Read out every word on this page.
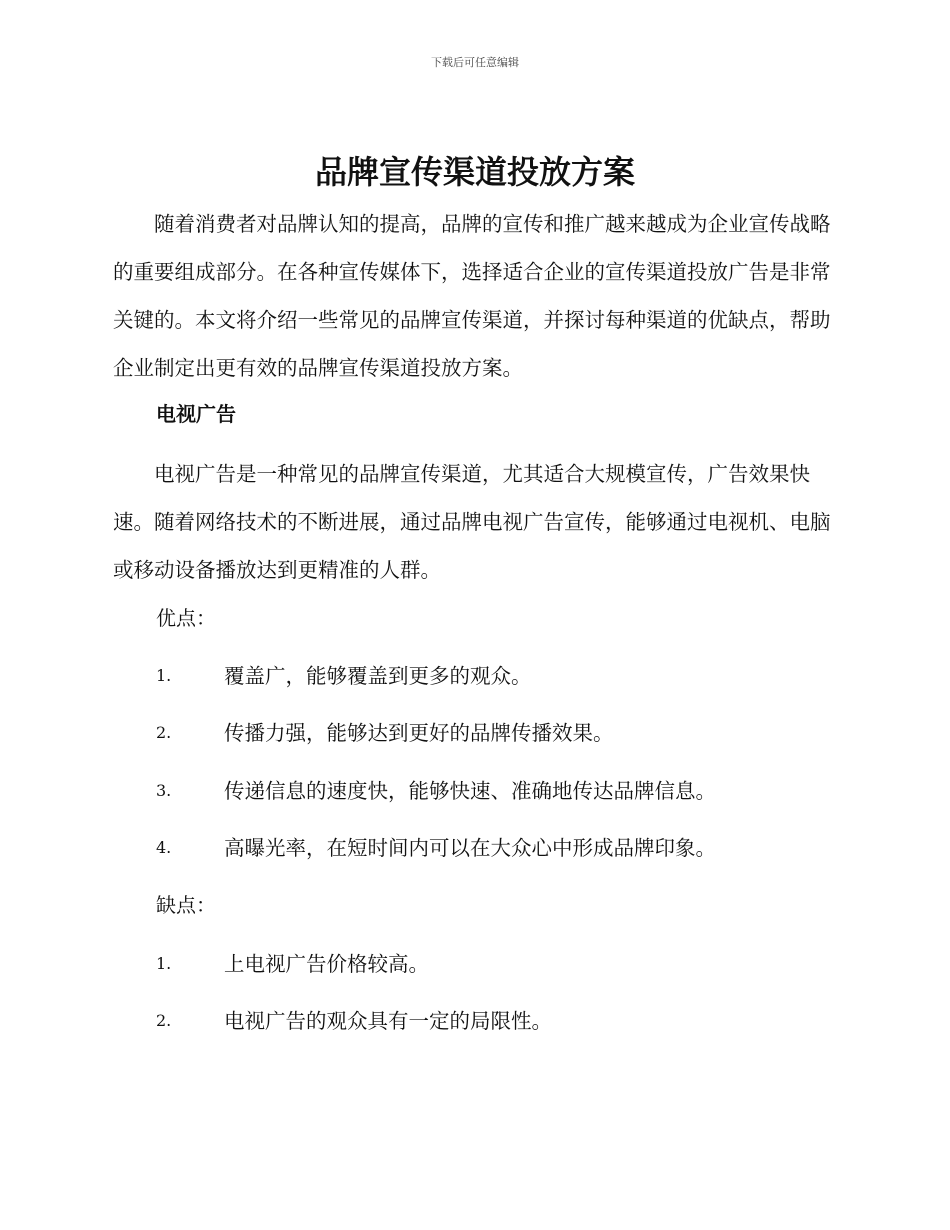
下载后可任意编辑
品牌宣传渠道投放方案

随着消费者对品牌认知的提高，品牌的宣传和推广越来越成为企业宣传战略的重要组成部分。在各种宣传媒体下，选择适合企业的宣传渠道投放广告是非常关键的。本文将介绍一些常见的品牌宣传渠道，并探讨每种渠道的优缺点，帮助企业制定出更有效的品牌宣传渠道投放方案。

电视广告

电视广告是一种常见的品牌宣传渠道，尤其适合大规模宣传，广告效果快速。随着网络技术的不断进展，通过品牌电视广告宣传，能够通过电视机、电脑或移动设备播放达到更精准的人群。

优点：
1.	覆盖广，能够覆盖到更多的观众。
2.	传播力强，能够达到更好的品牌传播效果。
3.	传递信息的速度快，能够快速、准确地传达品牌信息。
4.	高曝光率，在短时间内可以在大众心中形成品牌印象。
缺点：
1.	上电视广告价格较高。
2.	电视广告的观众具有一定的局限性。
